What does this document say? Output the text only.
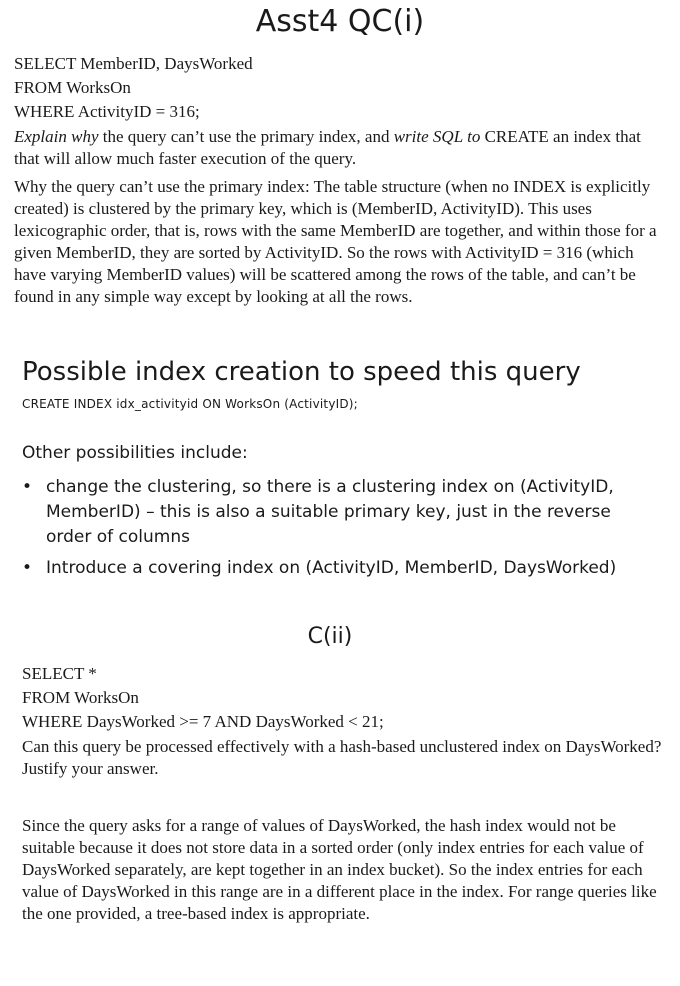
Asst4 QC(i)
SELECT MemberID, DaysWorked
FROM WorksOn
WHERE ActivityID = 316;
Explain why the query can’t use the primary index, and write SQL to CREATE an index that that will allow much faster execution of the query.
Why the query can’t use the primary index: The table structure (when no INDEX is explicitly created) is clustered by the primary key, which is (MemberID, ActivityID). This uses lexicographic order, that is, rows with the same MemberID are together, and within those for a given MemberID, they are sorted by ActivityID. So the rows with ActivityID = 316 (which have varying MemberID values) will be scattered among the rows of the table, and can’t be found in any simple way except by looking at all the rows.
Possible index creation to speed this query
CREATE INDEX idx_activityid ON WorksOn (ActivityID);
Other possibilities include:
• change the clustering, so there is a clustering index on (ActivityID, MemberID) – this is also a suitable primary key, just in the reverse order of columns
• Introduce a covering index on (ActivityID, MemberID, DaysWorked)
C(ii)
SELECT *
FROM WorksOn
WHERE DaysWorked >= 7 AND DaysWorked < 21;
Can this query be processed effectively with a hash-based unclustered index on DaysWorked? Justify your answer.
Since the query asks for a range of values of DaysWorked, the hash index would not be suitable because it does not store data in a sorted order (only index entries for each value of DaysWorked separately, are kept together in an index bucket). So the index entries for each value of DaysWorked in this range are in a different place in the index. For range queries like the one provided, a tree-based index is appropriate.
